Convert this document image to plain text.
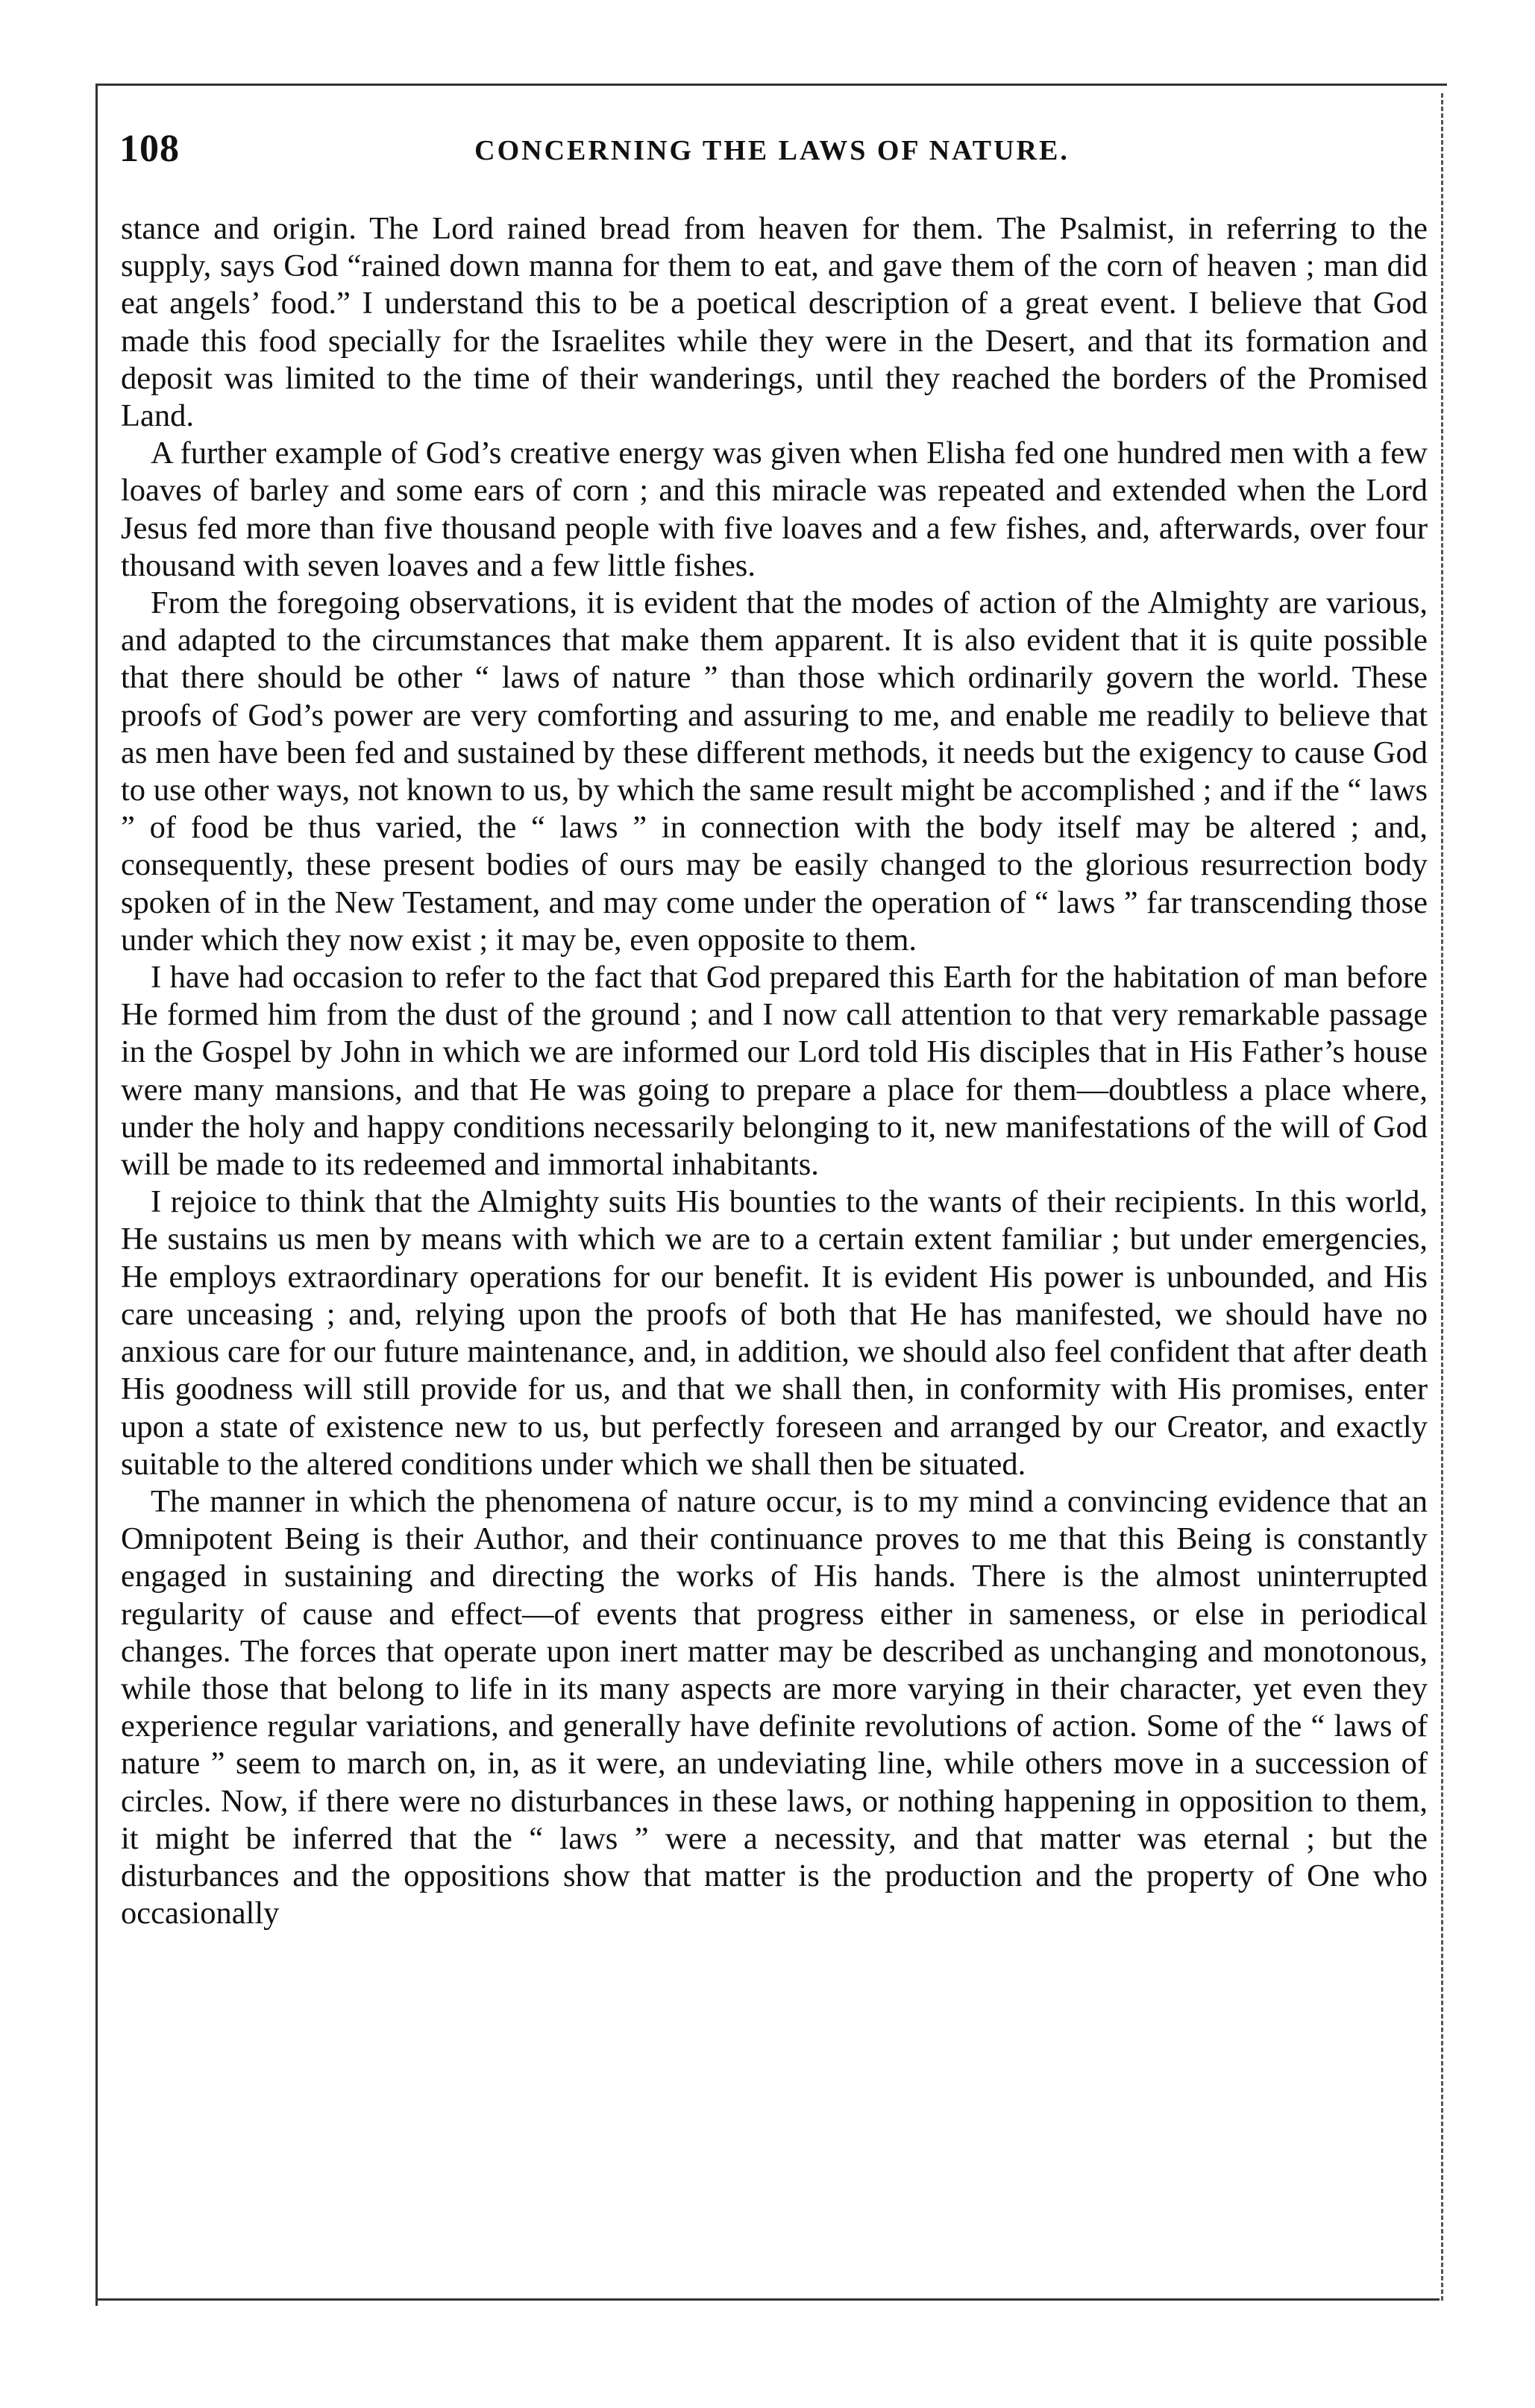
108	CONCERNING THE LAWS OF NATURE.

stance and origin. The Lord rained bread from heaven for them. The Psalmist, in referring to the supply, says God “rained down manna for them to eat, and gave them of the corn of heaven ; man did eat angels’ food.” I understand this to be a poetical description of a great event. I believe that God made this food specially for the Israelites while they were in the Desert, and that its formation and deposit was limited to the time of their wanderings, until they reached the borders of the Promised Land.

A further example of God’s creative energy was given when Elisha fed one hundred men with a few loaves of barley and some ears of corn ; and this miracle was repeated and extended when the Lord Jesus fed more than five thousand people with five loaves and a few fishes, and, afterwards, over four thousand with seven loaves and a few little fishes.

From the foregoing observations, it is evident that the modes of action of the Almighty are various, and adapted to the circumstances that make them apparent. It is also evident that it is quite possible that there should be other “ laws of nature ” than those which ordinarily govern the world. These proofs of God’s power are very comforting and assuring to me, and enable me readily to believe that as men have been fed and sustained by these different methods, it needs but the exigency to cause God to use other ways, not known to us, by which the same result might be accomplished ; and if the “ laws ” of food be thus varied, the “ laws ” in connection with the body itself may be altered ; and, consequently, these present bodies of ours may be easily changed to the glorious resurrection body spoken of in the New Testament, and may come under the operation of “ laws ” far transcending those under which they now exist ; it may be, even opposite to them.

I have had occasion to refer to the fact that God prepared this Earth for the habitation of man before He formed him from the dust of the ground ; and I now call attention to that very remarkable passage in the Gospel by John in which we are informed our Lord told His disciples that in His Father’s house were many mansions, and that He was going to prepare a place for them—doubtless a place where, under the holy and happy conditions necessarily belonging to it, new manifestations of the will of God will be made to its redeemed and immortal inhabitants.

I rejoice to think that the Almighty suits His bounties to the wants of their recipients. In this world, He sustains us men by means with which we are to a certain extent familiar ; but under emergencies, He employs extraordinary operations for our benefit. It is evident His power is unbounded, and His care unceasing ; and, relying upon the proofs of both that He has manifested, we should have no anxious care for our future maintenance, and, in addition, we should also feel confident that after death His goodness will still provide for us, and that we shall then, in conformity with His promises, enter upon a state of existence new to us, but perfectly foreseen and arranged by our Creator, and exactly suitable to the altered conditions under which we shall then be situated.

The manner in which the phenomena of nature occur, is to my mind a convincing evidence that an Omnipotent Being is their Author, and their continuance proves to me that this Being is constantly engaged in sustaining and directing the works of His hands. There is the almost uninterrupted regularity of cause and effect—of events that progress either in sameness, or else in periodical changes. The forces that operate upon inert matter may be described as unchanging and monotonous, while those that belong to life in its many aspects are more varying in their character, yet even they experience regular variations, and generally have definite revolutions of action. Some of the “ laws of nature ” seem to march on, in, as it were, an undeviating line, while others move in a succession of circles. Now, if there were no disturbances in these laws, or nothing happening in opposition to them, it might be inferred that the “ laws ” were a necessity, and that matter was eternal ; but the disturbances and the oppositions show that matter is the production and the property of One who occasionally
